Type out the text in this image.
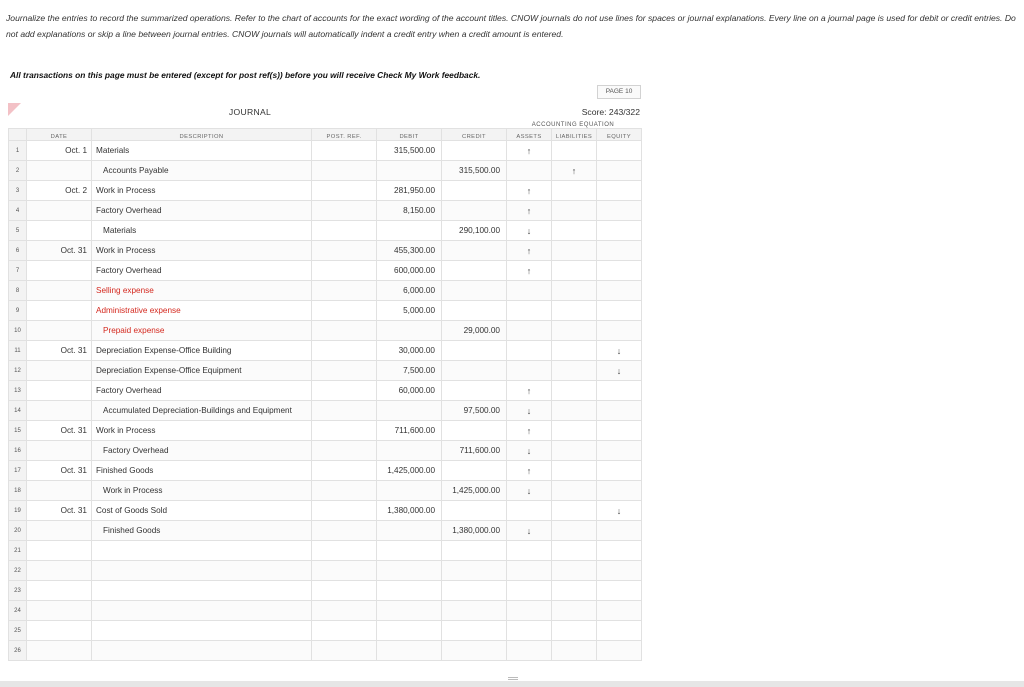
Journalize the entries to record the summarized operations. Refer to the chart of accounts for the exact wording of the account titles. CNOW journals do not use lines for spaces or journal explanations. Every line on a journal page is used for debit or credit entries. Do not add explanations or skip a line between journal entries. CNOW journals will automatically indent a credit entry when a credit amount is entered.
All transactions on this page must be entered (except for post ref(s)) before you will receive Check My Work feedback.
PAGE 10
JOURNAL	Score: 243/322
ACCOUNTING EQUATION
	DATE	DESCRIPTION	POST. REF.	DEBIT	CREDIT	ASSETS	LIABILITIES	EQUITY
1	Oct. 1	Materials		315,500.00		↑		
2		Accounts Payable			315,500.00		↑	
3	Oct. 2	Work in Process		281,950.00		↑		
4		Factory Overhead		8,150.00		↑		
5		Materials			290,100.00	↓		
6	Oct. 31	Work in Process		455,300.00		↑		
7		Factory Overhead		600,000.00		↑		
8		Selling expense		6,000.00				
9		Administrative expense		5,000.00				
10		Prepaid expense			29,000.00			
11	Oct. 31	Depreciation Expense-Office Building		30,000.00				↓
12		Depreciation Expense-Office Equipment		7,500.00				↓
13		Factory Overhead		60,000.00		↑		
14		Accumulated Depreciation-Buildings and Equipment			97,500.00	↓		
15	Oct. 31	Work in Process		711,600.00		↑		
16		Factory Overhead			711,600.00	↓		
17	Oct. 31	Finished Goods		1,425,000.00		↑		
18		Work in Process			1,425,000.00	↓		
19	Oct. 31	Cost of Goods Sold		1,380,000.00				↓
20		Finished Goods			1,380,000.00	↓		
21								
22								
23								
24								
25								
26								
